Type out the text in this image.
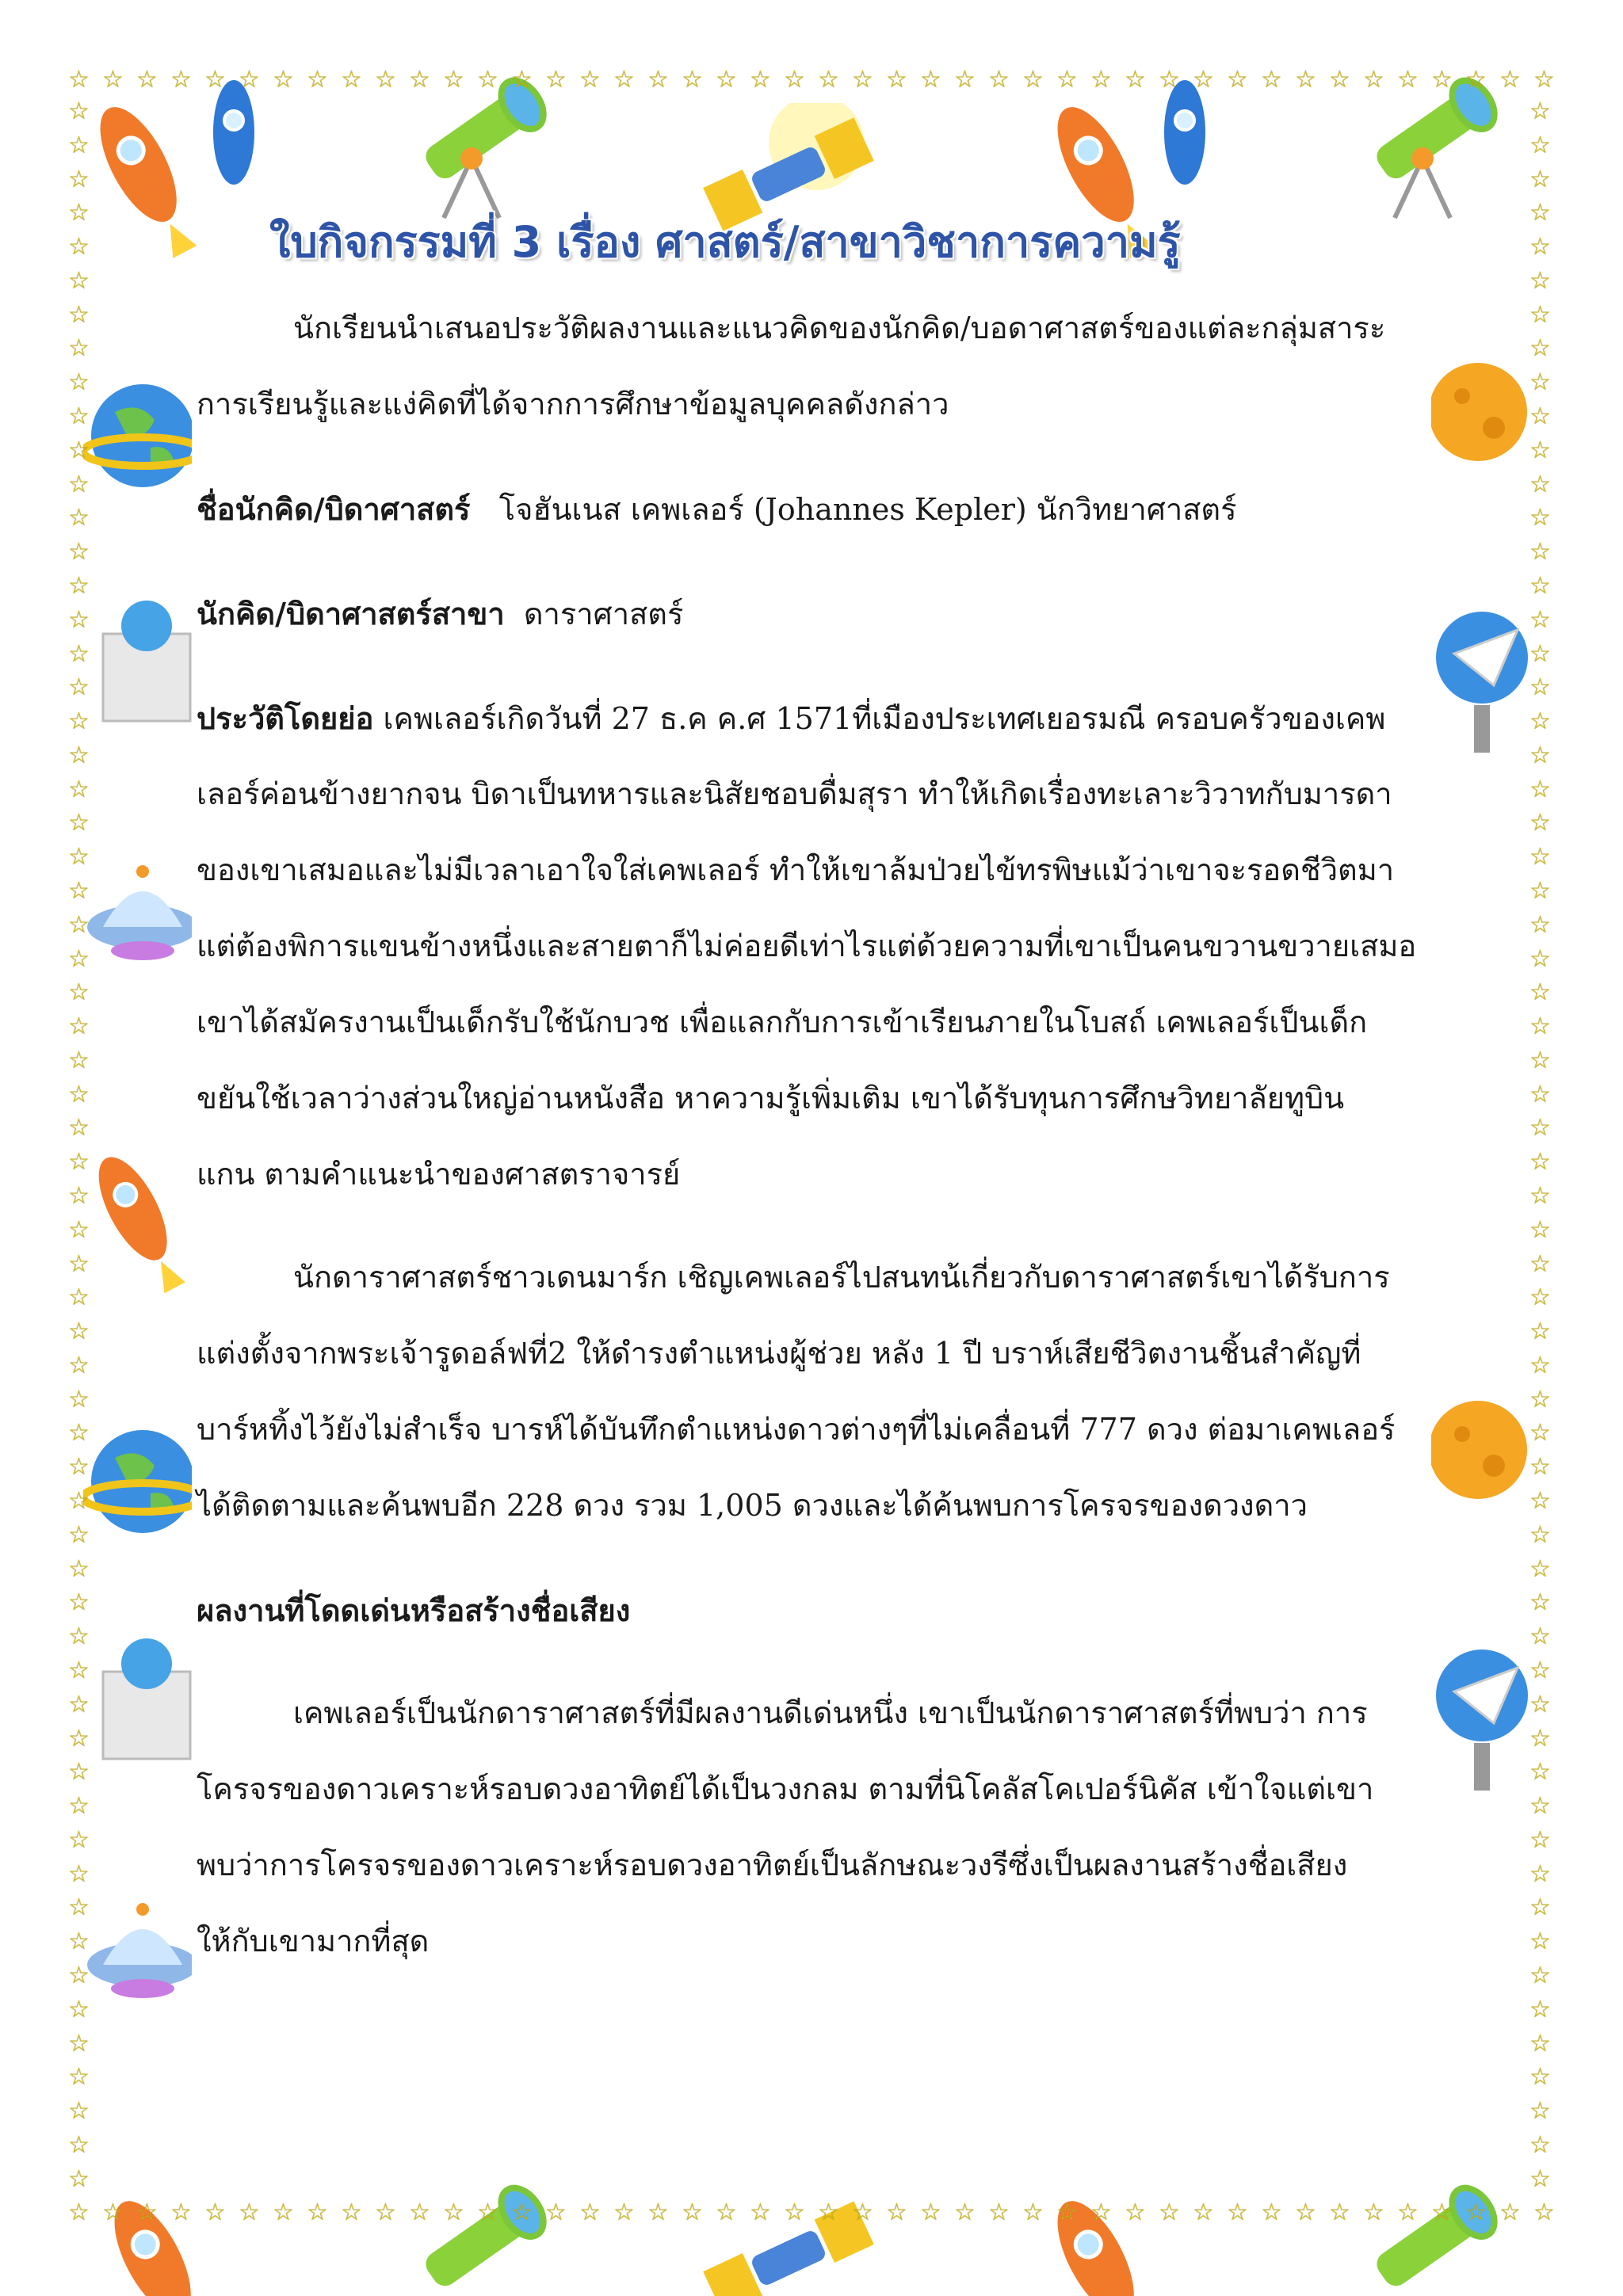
☆ ☆ ☆ ☆ ☆ ☆ ☆ ☆ ☆ ☆ ☆ ☆ ☆ ☆ ☆ ☆ ☆ ☆ ☆ ☆ ☆ ☆ ☆ ☆ ☆ ☆ ☆ ☆ ☆ ☆ ☆ ☆ ☆ ☆ ☆ ☆ ☆ ☆ ☆ ☆ ☆ ☆ ☆ ☆
☆ ☆ ☆ ☆ ☆ ☆ ☆ ☆ ☆ ☆ ☆ ☆ ☆ ☆ ☆ ☆ ☆ ☆ ☆ ☆ ☆ ☆ ☆ ☆ ☆ ☆ ☆ ☆ ☆ ☆ ☆ ☆ ☆ ☆ ☆ ☆ ☆ ☆ ☆ ☆ ☆ ☆ ☆ ☆
☆
☆
☆
☆
☆
☆
☆
☆
☆
☆
☆
☆
☆
☆
☆
☆
☆
☆
☆
☆
☆
☆
☆
☆
☆
☆
☆
☆
☆
☆
☆
☆
☆
☆
☆
☆
☆
☆
☆
☆
☆
☆
☆
☆
☆
☆
☆
☆
☆
☆
☆
☆
☆
☆
☆
☆
☆
☆
☆
☆
☆
☆
☆
☆
☆
☆
☆
☆
☆
☆
☆
☆
☆
☆
☆
☆
☆
☆
☆
☆
☆
☆
☆
☆
☆
☆
☆
☆
☆
☆
☆
☆
☆
☆
☆
☆
☆
☆
☆
☆
☆
☆
☆
☆
☆
☆
☆
☆
☆
☆
☆
☆
☆
☆
☆
☆
☆
☆
☆
☆
☆
☆
☆
☆
ใบกิจกรรมที่ 3 เรื่อง ศาสตร์/สาขาวิชาการความรู้
นักเรียนนำเสนอประวัติผลงานและแนวคิดของนักคิด/บอดาศาสตร์ของแต่ละกลุ่มสาระ
การเรียนรู้และแง่คิดที่ได้จากการศึกษาข้อมูลบุคคลดังกล่าว
ชื่อนักคิด/บิดาศาสตร์ โจฮันเนส เคพเลอร์ (Johannes Kepler) นักวิทยาศาสตร์
นักคิด/บิดาศาสตร์สาขา ดาราศาสตร์
ประวัติโดยย่อ เคพเลอร์เกิดวันที่ 27 ธ.ค ค.ศ 1571ที่เมืองประเทศเยอรมณี ครอบครัวของเคพ
เลอร์ค่อนข้างยากจน บิดาเป็นทหารและนิสัยชอบดื่มสุรา ทำให้เกิดเรื่องทะเลาะวิวาทกับมารดา
ของเขาเสมอและไม่มีเวลาเอาใจใส่เคพเลอร์ ทำให้เขาล้มป่วยไข้ทรพิษแม้ว่าเขาจะรอดชีวิตมา
แต่ต้องพิการแขนข้างหนึ่งและสายตาก็ไม่ค่อยดีเท่าไรแต่ด้วยความที่เขาเป็นคนขวานขวายเสมอ
เขาได้สมัครงานเป็นเด็กรับใช้นักบวช เพื่อแลกกับการเข้าเรียนภายในโบสถ์ เคพเลอร์เป็นเด็ก
ขยันใช้เวลาว่างส่วนใหญ่อ่านหนังสือ หาความรู้เพิ่มเติม เขาได้รับทุนการศึกษวิทยาลัยทูบิน
แกน ตามคำแนะนำของศาสตราจารย์
นักดาราศาสตร์ชาวเดนมาร์ก เชิญเคพเลอร์ไปสนทน้เกี่ยวกับดาราศาสตร์เขาได้รับการ
แต่งตั้งจากพระเจ้ารูดอล์ฟที่2 ให้ดำรงตำแหน่งผู้ช่วย หลัง 1 ปี บราห์เสียชีวิตงานชิ้นสำคัญที่
บาร์หทิ้งไว้ยังไม่สำเร็จ บารห์ได้บันทึกตำแหน่งดาวต่างๆที่ไม่เคลื่อนที่ 777 ดวง ต่อมาเคพเลอร์
ได้ติดตามและค้นพบอีก 228 ดวง รวม 1,005 ดวงและได้ค้นพบการโครจรของดวงดาว
ผลงานที่โดดเด่นหรือสร้างชื่อเสียง
เคพเลอร์เป็นนักดาราศาสตร์ที่มีผลงานดีเด่นหนึ่ง เขาเป็นนักดาราศาสตร์ที่พบว่า การ
โครจรของดาวเคราะห์รอบดวงอาทิตย์ได้เป็นวงกลม ตามที่นิโคลัสโคเปอร์นิคัส เข้าใจแต่เขา
พบว่าการโครจรของดาวเคราะห์รอบดวงอาทิตย์เป็นลักษณะวงรีซึ่งเป็นผลงานสร้างชื่อเสียง
ให้กับเขามากที่สุด
